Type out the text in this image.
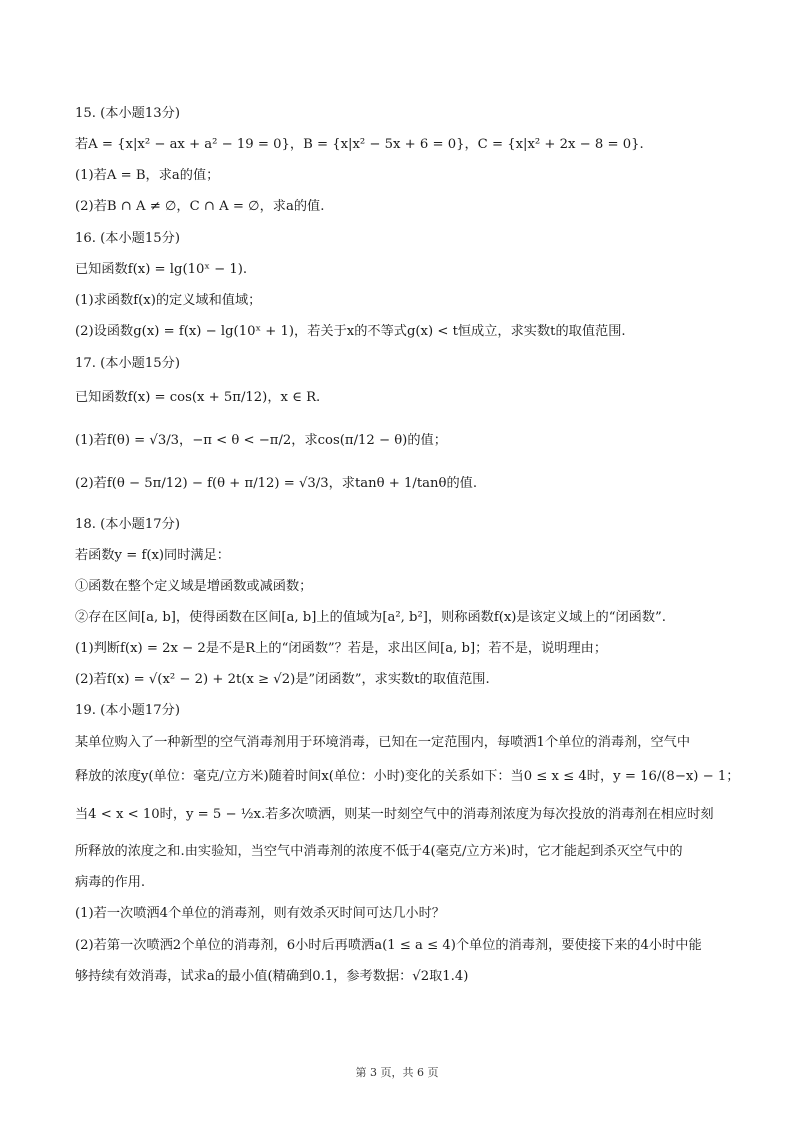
15. (本小题13分)
若A = {x|x² − ax + a² − 19 = 0}，B = {x|x² − 5x + 6 = 0}，C = {x|x² + 2x − 8 = 0}.
(1)若A = B，求a的值；
(2)若B ∩ A ≠ ∅，C ∩ A = ∅，求a的值.
16. (本小题15分)
已知函数f(x) = lg(10ˣ − 1).
(1)求函数f(x)的定义域和值域；
(2)设函数g(x) = f(x) − lg(10ˣ + 1)，若关于x的不等式g(x) < t恒成立，求实数t的取值范围.
17. (本小题15分)
已知函数f(x) = cos(x + 5π/12)，x ∈ R.
(1)若f(θ) = √3/3，−π < θ < −π/2，求cos(π/12 − θ)的值；
(2)若f(θ − 5π/12) − f(θ + π/12) = √3/3，求tanθ + 1/tanθ的值.
18. (本小题17分)
若函数y = f(x)同时满足：
①函数在整个定义域是增函数或减函数；
②存在区间[a, b]，使得函数在区间[a, b]上的值域为[a², b²]，则称函数f(x)是该定义域上的“闭函数”.
(1)判断f(x) = 2x − 2是不是R上的“闭函数”？若是，求出区间[a, b]；若不是，说明理由；
(2)若f(x) = √(x² − 2) + 2t(x ≥ √2)是”闭函数”，求实数t的取值范围.
19. (本小题17分)
某单位购入了一种新型的空气消毒剂用于环境消毒，已知在一定范围内，每喷洒1个单位的消毒剂，空气中
释放的浓度y(单位：毫克/立方米)随着时间x(单位：小时)变化的关系如下：当0 ≤ x ≤ 4时，y = 16/(8−x) − 1；
当4 < x < 10时，y = 5 − ½x.若多次喷洒，则某一时刻空气中的消毒剂浓度为每次投放的消毒剂在相应时刻
所释放的浓度之和.由实验知，当空气中消毒剂的浓度不低于4(毫克/立方米)时，它才能起到杀灭空气中的
病毒的作用.
(1)若一次喷洒4个单位的消毒剂，则有效杀灭时间可达几小时？
(2)若第一次喷洒2个单位的消毒剂，6小时后再喷洒a(1 ≤ a ≤ 4)个单位的消毒剂，要使接下来的4小时中能
够持续有效消毒，试求a的最小值(精确到0.1，参考数据：√2取1.4)
第 3 页，共 6 页
